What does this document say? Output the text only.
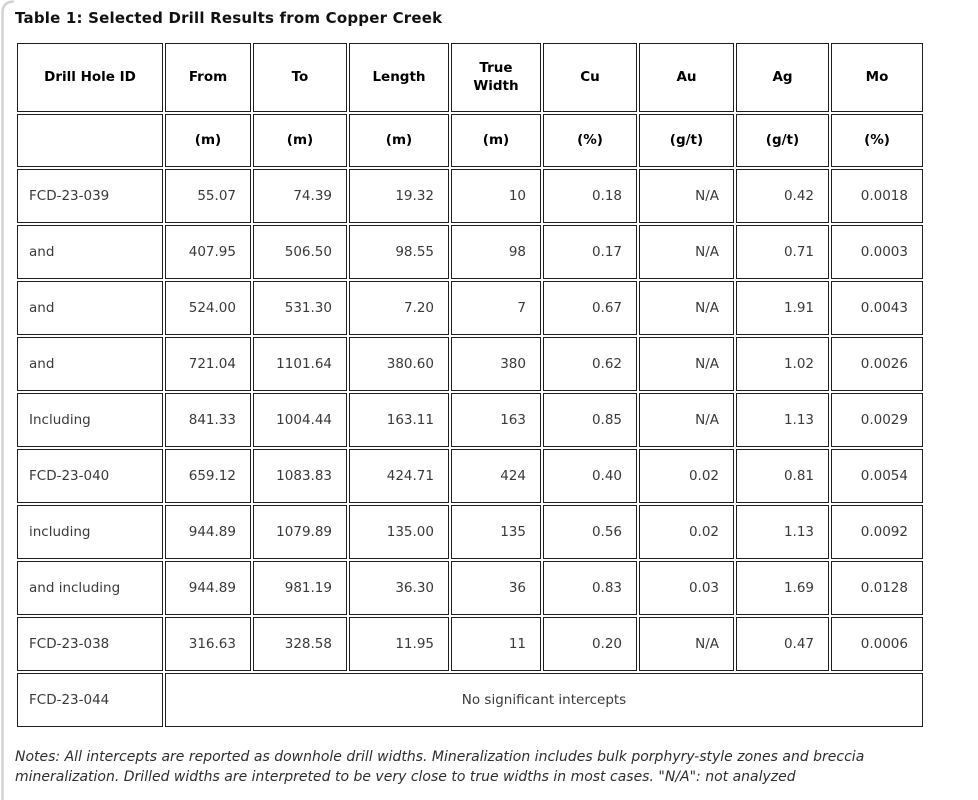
Table 1: Selected Drill Results from Copper Creek
Drill Hole ID	From	To	Length	True Width	Cu	Au	Ag	Mo
	(m)	(m)	(m)	(m)	(%)	(g/t)	(g/t)	(%)
FCD-23-039	55.07	74.39	19.32	10	0.18	N/A	0.42	0.0018
and	407.95	506.50	98.55	98	0.17	N/A	0.71	0.0003
and	524.00	531.30	7.20	7	0.67	N/A	1.91	0.0043
and	721.04	1101.64	380.60	380	0.62	N/A	1.02	0.0026
Including	841.33	1004.44	163.11	163	0.85	N/A	1.13	0.0029
FCD-23-040	659.12	1083.83	424.71	424	0.40	0.02	0.81	0.0054
including	944.89	1079.89	135.00	135	0.56	0.02	1.13	0.0092
and including	944.89	981.19	36.30	36	0.83	0.03	1.69	0.0128
FCD-23-038	316.63	328.58	11.95	11	0.20	N/A	0.47	0.0006
FCD-23-044	No significant intercepts							
Notes: All intercepts are reported as downhole drill widths. Mineralization includes bulk porphyry-style zones and breccia mineralization. Drilled widths are interpreted to be very close to true widths in most cases. "N/A": not analyzed
